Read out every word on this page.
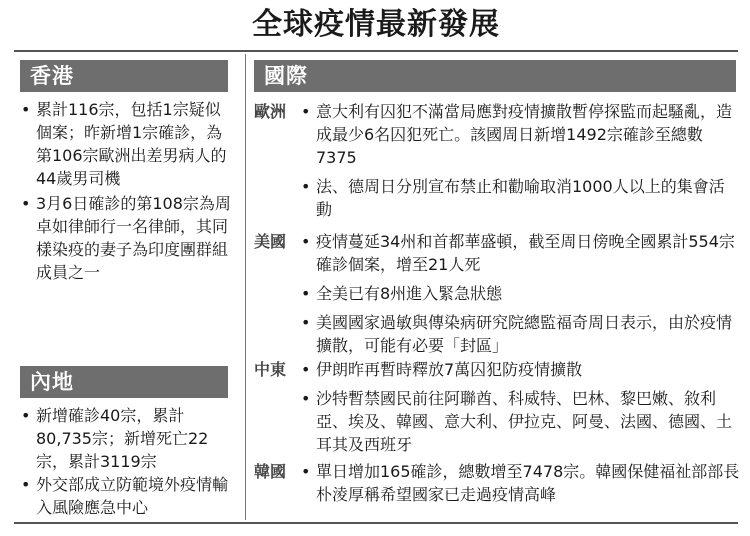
全球疫情最新發展
香港
• 累計116宗，包括1宗疑似個案；昨新增1宗確診，為第106宗歐洲出差男病人的44歲男司機
• 3月6日確診的第108宗為周卓如律師行一名律師，其同樣染疫的妻子為印度團群組成員之一
內地
• 新增確診40宗，累計80,735宗；新增死亡22宗，累計3119宗
• 外交部成立防範境外疫情輸入風險應急中心
國際
歐洲 • 意大利有囚犯不滿當局應對疫情擴散暫停探監而起騷亂，造成最少6名囚犯死亡。該國周日新增1492宗確診至總數7375
• 法、德周日分別宣布禁止和勸喻取消1000人以上的集會活動
美國 • 疫情蔓延34州和首都華盛頓，截至周日傍晚全國累計554宗確診個案，增至21人死
• 全美已有8州進入緊急狀態
• 美國國家過敏與傳染病研究院總監福奇周日表示，由於疫情擴散，可能有必要「封區」
中東 • 伊朗昨再暫時釋放7萬囚犯防疫情擴散
• 沙特暫禁國民前往阿聯酋、科威特、巴林、黎巴嫩、敘利亞、埃及、韓國、意大利、伊拉克、阿曼、法國、德國、土耳其及西班牙
韓國 • 單日增加165確診，總數增至7478宗。韓國保健福祉部部長朴淩厚稱希望國家已走過疫情高峰
